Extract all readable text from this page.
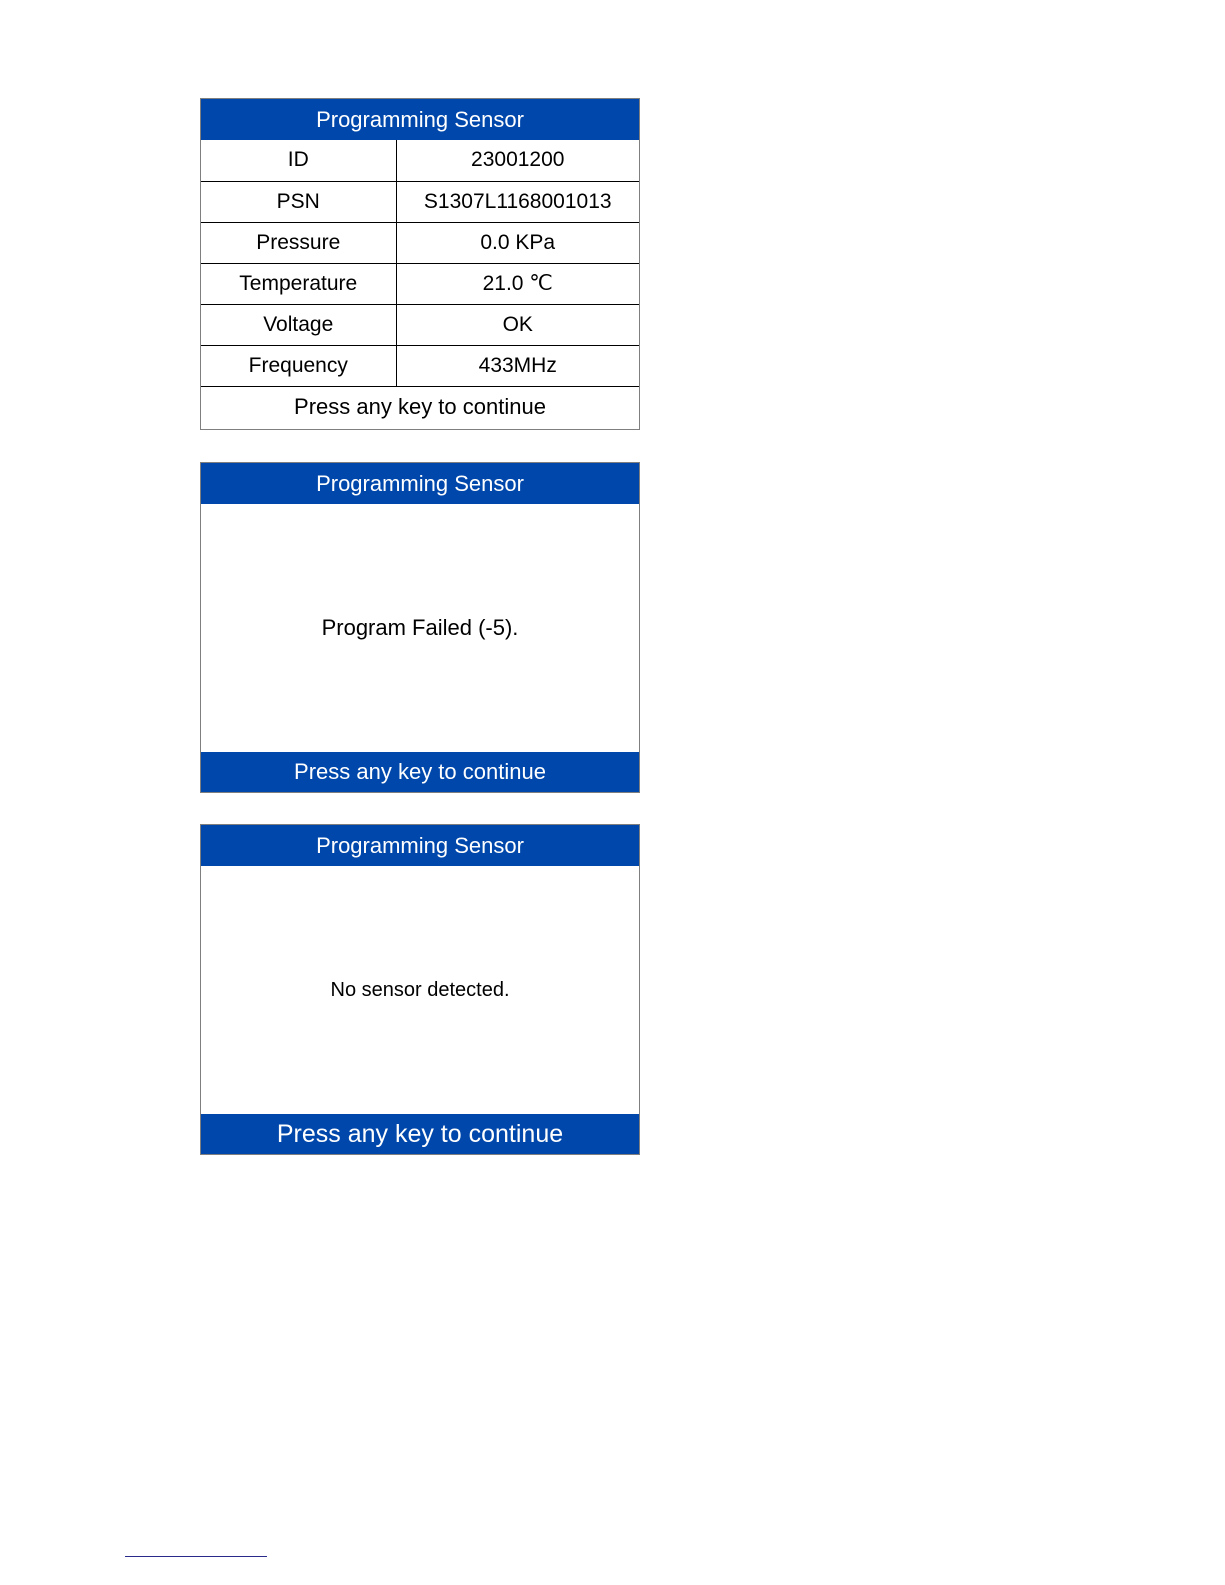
Programming Sensor
ID	23001200
PSN	S1307L1168001013
Pressure	0.0 KPa
Temperature	21.0 ℃
Voltage	OK
Frequency	433MHz
Press any key to continue
Programming Sensor
Program Failed (-5).
Press any key to continue
Programming Sensor
No sensor detected.
Press any key to continue
